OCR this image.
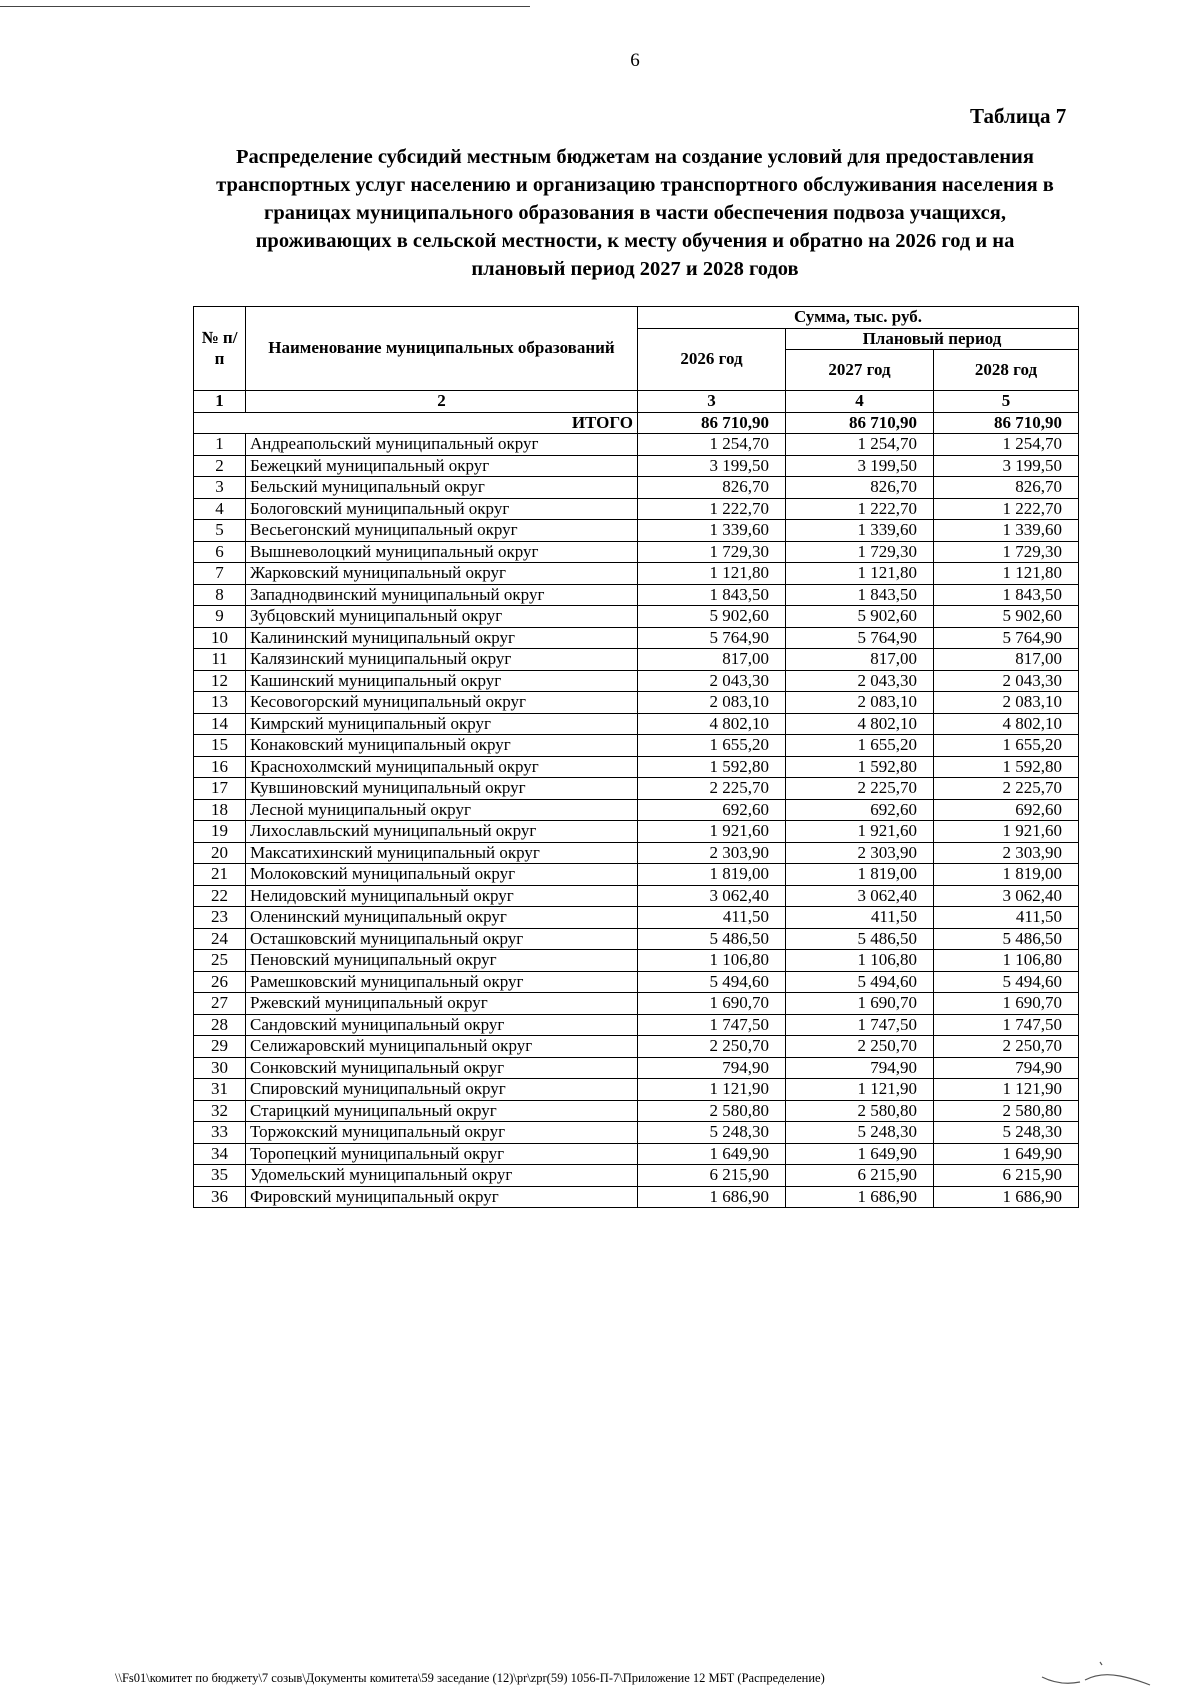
6
Таблица 7
Распределение субсидий местным бюджетам на создание условий для предоставления
транспортных услуг населению и организацию транспортного обслуживания населения в
границах муниципального образования в части обеспечения подвоза учащихся,
проживающих в сельской местности, к месту обучения и обратно на 2026 год и на
плановый период 2027 и 2028 годов
№ п/п	Наименование муниципальных образований	Сумма, тыс. руб.		
		2026 год	Плановый период	
			2027 год	2028 год
1	2	3	4	5
ИТОГО		86 710,90	86 710,90	86 710,90
1	Андреапольский муниципальный округ	1 254,70	1 254,70	1 254,70
2	Бежецкий муниципальный округ	3 199,50	3 199,50	3 199,50
3	Бельский муниципальный округ	826,70	826,70	826,70
4	Бологовский муниципальный округ	1 222,70	1 222,70	1 222,70
5	Весьегонский муниципальный округ	1 339,60	1 339,60	1 339,60
6	Вышневолоцкий муниципальный округ	1 729,30	1 729,30	1 729,30
7	Жарковский муниципальный округ	1 121,80	1 121,80	1 121,80
8	Западнодвинский муниципальный округ	1 843,50	1 843,50	1 843,50
9	Зубцовский муниципальный округ	5 902,60	5 902,60	5 902,60
10	Калининский муниципальный округ	5 764,90	5 764,90	5 764,90
11	Калязинский муниципальный округ	817,00	817,00	817,00
12	Кашинский муниципальный округ	2 043,30	2 043,30	2 043,30
13	Кесовогорский муниципальный округ	2 083,10	2 083,10	2 083,10
14	Кимрский муниципальный округ	4 802,10	4 802,10	4 802,10
15	Конаковский муниципальный округ	1 655,20	1 655,20	1 655,20
16	Краснохолмский муниципальный округ	1 592,80	1 592,80	1 592,80
17	Кувшиновский муниципальный округ	2 225,70	2 225,70	2 225,70
18	Лесной муниципальный округ	692,60	692,60	692,60
19	Лихославльский муниципальный округ	1 921,60	1 921,60	1 921,60
20	Максатихинский муниципальный округ	2 303,90	2 303,90	2 303,90
21	Молоковский муниципальный округ	1 819,00	1 819,00	1 819,00
22	Нелидовский муниципальный округ	3 062,40	3 062,40	3 062,40
23	Оленинский муниципальный округ	411,50	411,50	411,50
24	Осташковский муниципальный округ	5 486,50	5 486,50	5 486,50
25	Пеновский муниципальный округ	1 106,80	1 106,80	1 106,80
26	Рамешковский муниципальный округ	5 494,60	5 494,60	5 494,60
27	Ржевский муниципальный округ	1 690,70	1 690,70	1 690,70
28	Сандовский муниципальный округ	1 747,50	1 747,50	1 747,50
29	Селижаровский муниципальный округ	2 250,70	2 250,70	2 250,70
30	Сонковский муниципальный округ	794,90	794,90	794,90
31	Спировский муниципальный округ	1 121,90	1 121,90	1 121,90
32	Старицкий муниципальный округ	2 580,80	2 580,80	2 580,80
33	Торжокский муниципальный округ	5 248,30	5 248,30	5 248,30
34	Торопецкий муниципальный округ	1 649,90	1 649,90	1 649,90
35	Удомельский муниципальный округ	6 215,90	6 215,90	6 215,90
36	Фировский муниципальный округ	1 686,90	1 686,90	1 686,90
\\Fs01\комитет по бюджету\7 созыв\Документы комитета\59 заседание (12)\pr\zpr(59) 1056-П-7\Приложение 12 МБТ (Распределение)
